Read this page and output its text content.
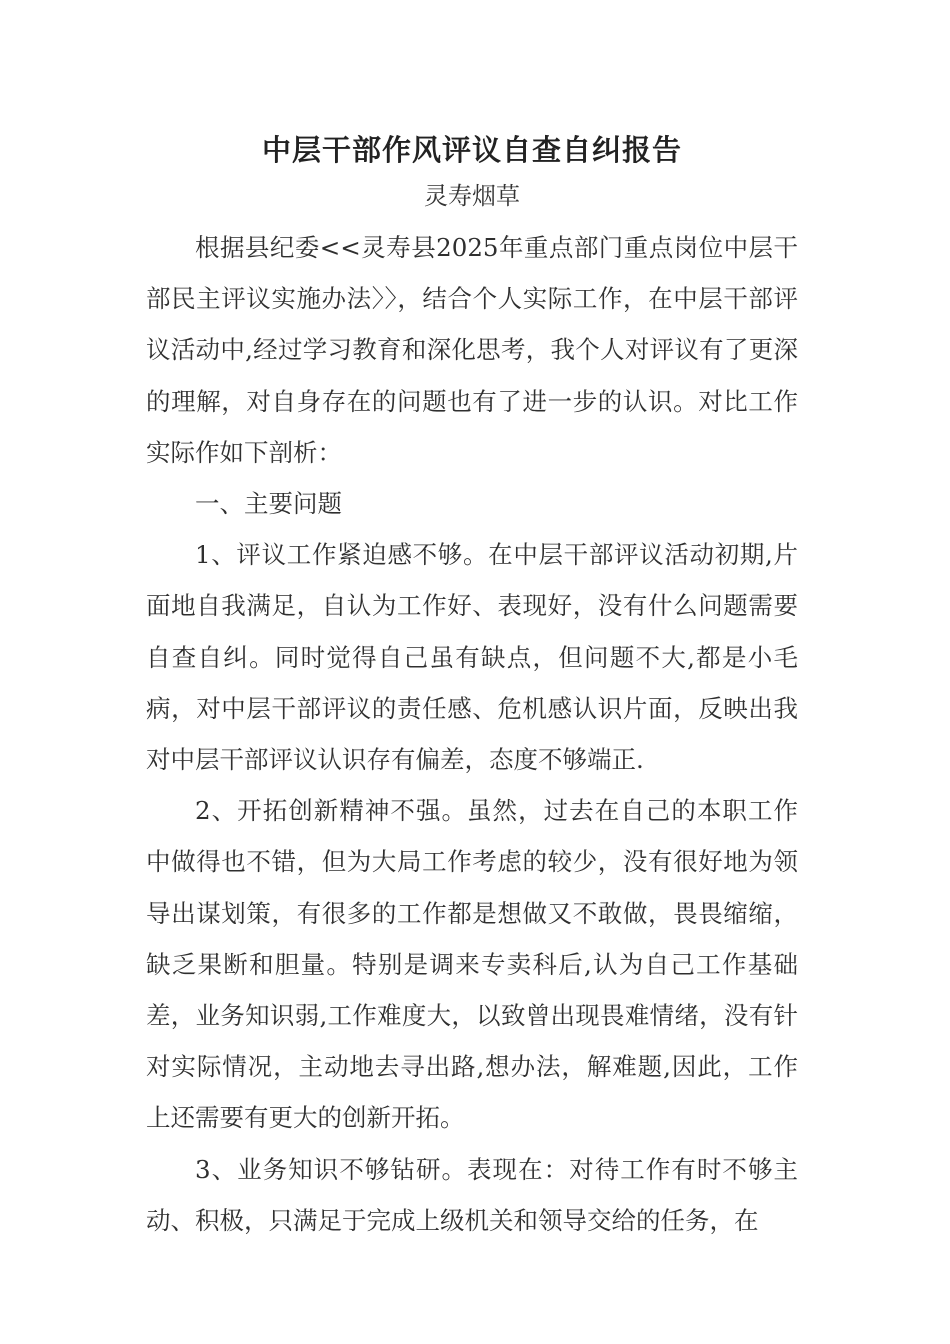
中层干部作风评议自查自纠报告

灵寿烟草

根据县纪委<<灵寿县2025年重点部门重点岗位中层干部民主评议实施办法〉〉，结合个人实际工作，在中层干部评议活动中,经过学习教育和深化思考，我个人对评议有了更深的理解，对自身存在的问题也有了进一步的认识。对比工作实际作如下剖析：

一、主要问题

1、评议工作紧迫感不够。在中层干部评议活动初期,片面地自我满足，自认为工作好、表现好，没有什么问题需要自查自纠。同时觉得自己虽有缺点，但问题不大,都是小毛病，对中层干部评议的责任感、危机感认识片面，反映出我对中层干部评议认识存有偏差，态度不够端正.

2、开拓创新精神不强。虽然，过去在自己的本职工作中做得也不错，但为大局工作考虑的较少，没有很好地为领导出谋划策，有很多的工作都是想做又不敢做，畏畏缩缩，缺乏果断和胆量。特别是调来专卖科后,认为自己工作基础差，业务知识弱,工作难度大，以致曾出现畏难情绪，没有针对实际情况，主动地去寻出路,想办法，解难题,因此，工作上还需要有更大的创新开拓。

3、业务知识不够钻研。表现在：对待工作有时不够主动、积极，只满足于完成上级机关和领导交给的任务，在
